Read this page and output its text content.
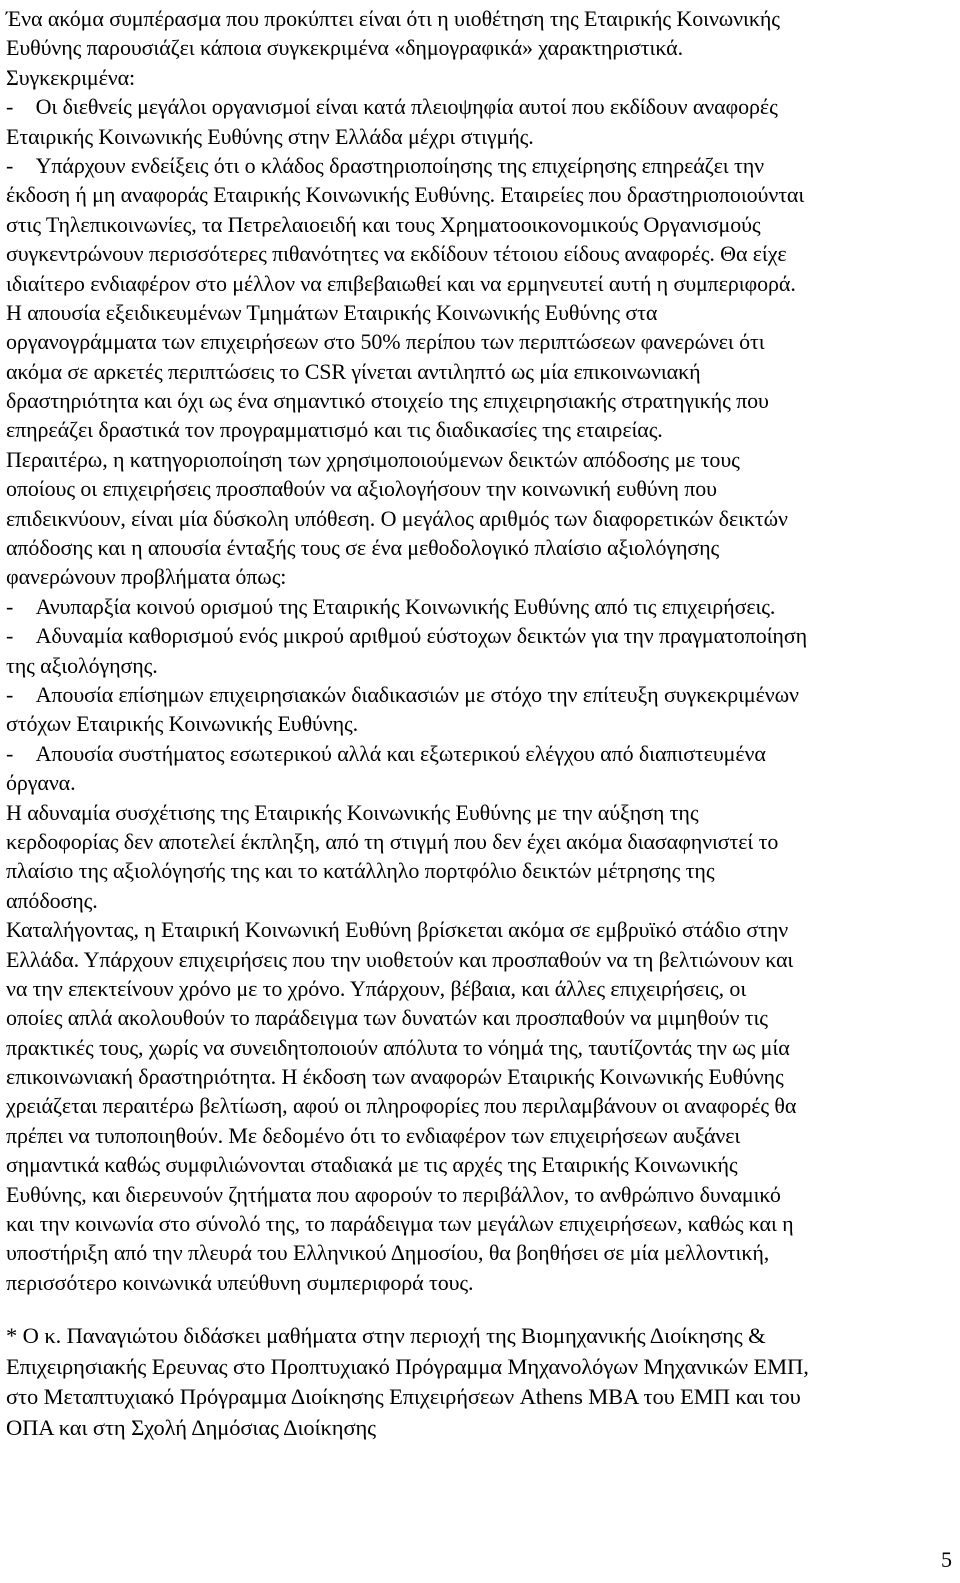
Ένα ακόμα συμπέρασμα που προκύπτει είναι ότι η υιοθέτηση της Εταιρικής Κοινωνικής
Ευθύνης παρουσιάζει κάποια συγκεκριμένα «δημογραφικά» χαρακτηριστικά.
Συγκεκριμένα:
- Οι διεθνείς μεγάλοι οργανισμοί είναι κατά πλειοψηφία αυτοί που εκδίδουν αναφορές
Εταιρικής Κοινωνικής Ευθύνης στην Ελλάδα μέχρι στιγμής.
- Υπάρχουν ενδείξεις ότι ο κλάδος δραστηριοποίησης της επιχείρησης επηρεάζει την
έκδοση ή μη αναφοράς Εταιρικής Κοινωνικής Ευθύνης. Εταιρείες που δραστηριοποιούνται
στις Τηλεπικοινωνίες, τα Πετρελαιοειδή και τους Χρηματοοικονομικούς Οργανισμούς
συγκεντρώνουν περισσότερες πιθανότητες να εκδίδουν τέτοιου είδους αναφορές. Θα είχε
ιδιαίτερο ενδιαφέρον στο μέλλον να επιβεβαιωθεί και να ερμηνευτεί αυτή η συμπεριφορά.
Η απουσία εξειδικευμένων Τμημάτων Εταιρικής Κοινωνικής Ευθύνης στα
οργανογράμματα των επιχειρήσεων στο 50% περίπου των περιπτώσεων φανερώνει ότι
ακόμα σε αρκετές περιπτώσεις το CSR γίνεται αντιληπτό ως μία επικοινωνιακή
δραστηριότητα και όχι ως ένα σημαντικό στοιχείο της επιχειρησιακής στρατηγικής που
επηρεάζει δραστικά τον προγραμματισμό και τις διαδικασίες της εταιρείας.
Περαιτέρω, η κατηγοριοποίηση των χρησιμοποιούμενων δεικτών απόδοσης με τους
οποίους οι επιχειρήσεις προσπαθούν να αξιολογήσουν την κοινωνική ευθύνη που
επιδεικνύουν, είναι μία δύσκολη υπόθεση. Ο μεγάλος αριθμός των διαφορετικών δεικτών
απόδοσης και η απουσία ένταξής τους σε ένα μεθοδολογικό πλαίσιο αξιολόγησης
φανερώνουν προβλήματα όπως:
- Ανυπαρξία κοινού ορισμού της Εταιρικής Κοινωνικής Ευθύνης από τις επιχειρήσεις.
- Αδυναμία καθορισμού ενός μικρού αριθμού εύστοχων δεικτών για την πραγματοποίηση
της αξιολόγησης.
- Απουσία επίσημων επιχειρησιακών διαδικασιών με στόχο την επίτευξη συγκεκριμένων
στόχων Εταιρικής Κοινωνικής Ευθύνης.
- Απουσία συστήματος εσωτερικού αλλά και εξωτερικού ελέγχου από διαπιστευμένα
όργανα.
Η αδυναμία συσχέτισης της Εταιρικής Κοινωνικής Ευθύνης με την αύξηση της
κερδοφορίας δεν αποτελεί έκπληξη, από τη στιγμή που δεν έχει ακόμα διασαφηνιστεί το
πλαίσιο της αξιολόγησής της και το κατάλληλο πορτφόλιο δεικτών μέτρησης της
απόδοσης.
Καταλήγοντας, η Εταιρική Κοινωνική Ευθύνη βρίσκεται ακόμα σε εμβρυϊκό στάδιο στην
Ελλάδα. Υπάρχουν επιχειρήσεις που την υιοθετούν και προσπαθούν να τη βελτιώνουν και
να την επεκτείνουν χρόνο με το χρόνο. Υπάρχουν, βέβαια, και άλλες επιχειρήσεις, οι
οποίες απλά ακολουθούν το παράδειγμα των δυνατών και προσπαθούν να μιμηθούν τις
πρακτικές τους, χωρίς να συνειδητοποιούν απόλυτα το νόημά της, ταυτίζοντάς την ως μία
επικοινωνιακή δραστηριότητα. Η έκδοση των αναφορών Εταιρικής Κοινωνικής Ευθύνης
χρειάζεται περαιτέρω βελτίωση, αφού οι πληροφορίες που περιλαμβάνουν οι αναφορές θα
πρέπει να τυποποιηθούν. Με δεδομένο ότι το ενδιαφέρον των επιχειρήσεων αυξάνει
σημαντικά καθώς συμφιλιώνονται σταδιακά με τις αρχές της Εταιρικής Κοινωνικής
Ευθύνης, και διερευνούν ζητήματα που αφορούν το περιβάλλον, το ανθρώπινο δυναμικό
και την κοινωνία στο σύνολό της, το παράδειγμα των μεγάλων επιχειρήσεων, καθώς και η
υποστήριξη από την πλευρά του Ελληνικού Δημοσίου, θα βοηθήσει σε μία μελλοντική,
περισσότερο κοινωνικά υπεύθυνη συμπεριφορά τους.
* Ο κ. Παναγιώτου διδάσκει μαθήματα στην περιοχή της Βιομηχανικής Διοίκησης &
Επιχειρησιακής Ερευνας στο Προπτυχιακό Πρόγραμμα Μηχανολόγων Μηχανικών ΕΜΠ,
στο Μεταπτυχιακό Πρόγραμμα Διοίκησης Επιχειρήσεων Athens MBA του ΕΜΠ και του
ΟΠΑ και στη Σχολή Δημόσιας Διοίκησης
5
